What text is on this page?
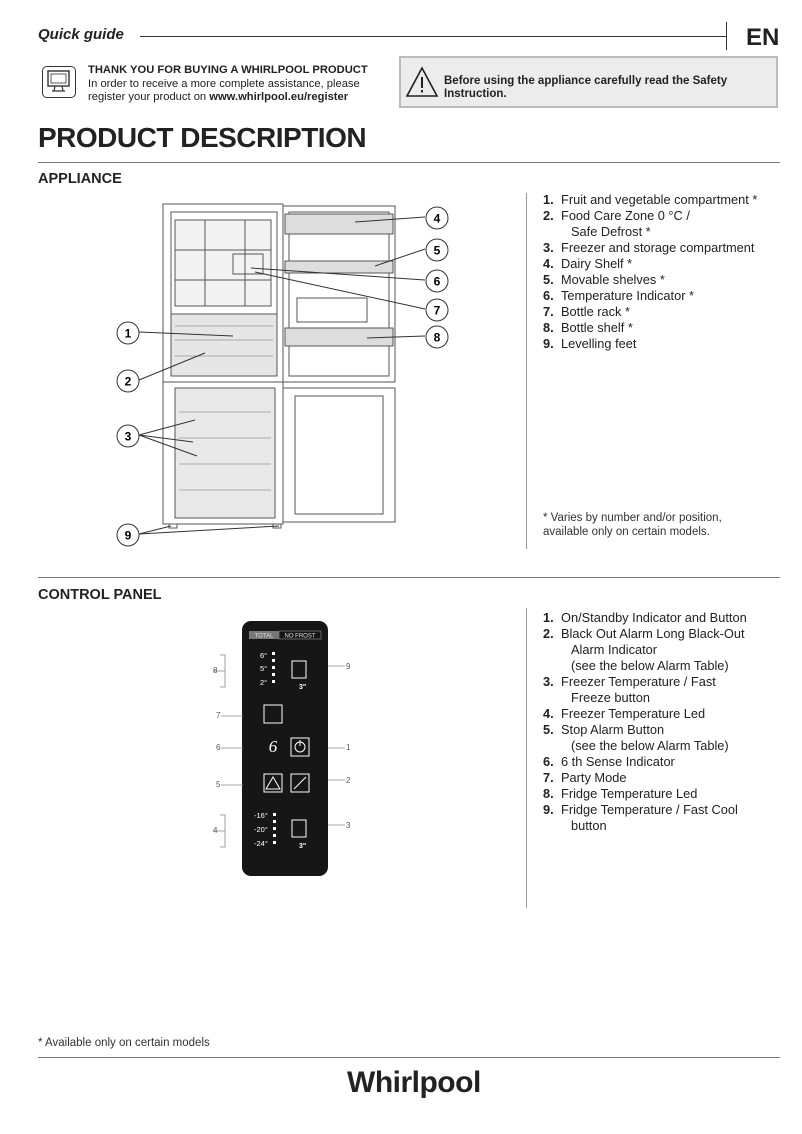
Quick guide	EN
THANK YOU FOR BUYING A WHIRLPOOL PRODUCT
In order to receive a more complete assistance, please
register your product on www.whirlpool.eu/register
Before using the appliance carefully read the Safety Instruction.
PRODUCT DESCRIPTION
APPLIANCE
1
2
3
4
5
6
7
8
9
1. Fruit and vegetable compartment *
2. Food Care Zone 0 °C /
Safe Defrost *
3. Freezer and storage compartment
4. Dairy Shelf *
5. Movable shelves *
6. Temperature Indicator *
7. Bottle rack *
8. Bottle shelf *
9. Levelling feet
* Varies by number and/or position,
available only on certain models.
CONTROL PANEL
TOTAL NO FROST
6°
5°
2°
-16°
-20°
-24°
3"
3"
6
8
7
6
5
4
9
1
2
3
1. On/Standby Indicator and Button
2. Black Out Alarm Long Black-Out
Alarm Indicator
(see the below Alarm Table)
3. Freezer Temperature / Fast
Freeze button
4. Freezer Temperature Led
5. Stop Alarm Button
(see the below Alarm Table)
6. 6 th Sense Indicator
7. Party Mode
8. Fridge Temperature Led
9. Fridge Temperature / Fast Cool
button
* Available only on certain models
Whirlpool
